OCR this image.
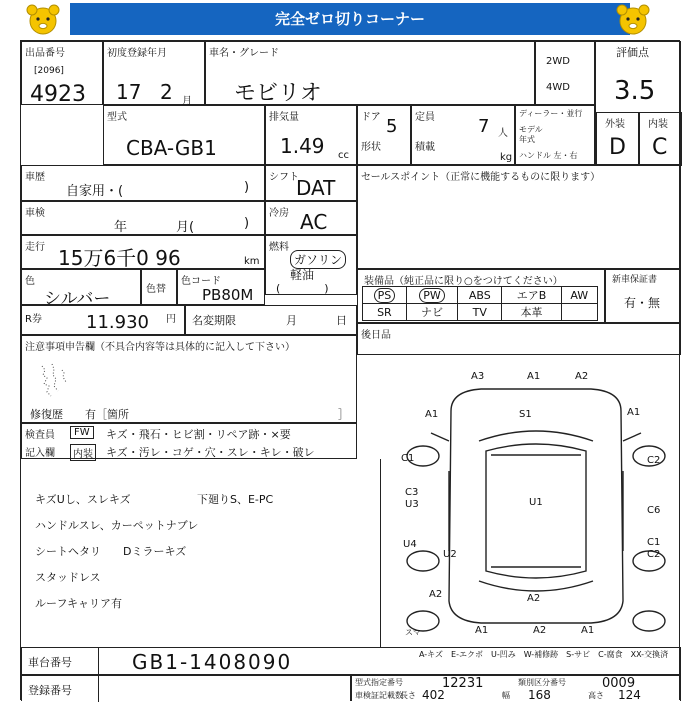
完全ゼロ切りコーナー
出品番号
[2096]
4923
初度登録年月
17 2 月
車名・グレード
モビリオ
2WD
4WD
評価点
3.5
外装
D
内装
C
型式
CBA-GB1
排気量
1.49 cc
ドア 5
形状
定員 7 人
積載
kg
ディーラー・並行
モデル
年式
ハンドル 左・右
車歴
自家用・(	)
シフト
DAT	セールスポイント（正常に機能するものに限ります）
車検
年	月(	)
冷房 AC
走行 15万6千0 96	km
燃料
ガソリン
軽油
(　　　　)
色
シルバー	色替
色コード
PB80M
装備品（純正品に限り○をつけてください）
PS	PW	ABS	エアB	AW
SR	ナビ	TV	本革	
新車保証書
有・無
R券 11.930 円 名変期限	月	日
後日品
注意事項申告欄（不具合内容等は具体的に記入して下さい）
修復歴　　有［箇所	］
検査員
記入欄
FW
内装
キズ・飛石・ヒビ割・リペア跡・×要
キズ・汚レ・コゲ・穴・スレ・キレ・破レ
キズUし、スレキズ
ハンドルスレ、カーペットナブレ
シートヘタリ　　Dミラーキズ
スタッドレス
ルーフキャリア有
下廻りS、E-PC
A3	A1	A2
S1
A1	A1
C1	C2
C3
U3	U1
C6
U4	C1
C2
U2
A2	A2
A1	A2	A1
スマ
A-キズ　E-エクボ　U-凹み　W-補修跡　S-サビ　C-腐食　XX-交換済
車台番号	GB1-1408090
登録番号
型式指定番号	12231	類別区分番号	0009
車検証記載数
長さ 402	幅 168	高さ 124
